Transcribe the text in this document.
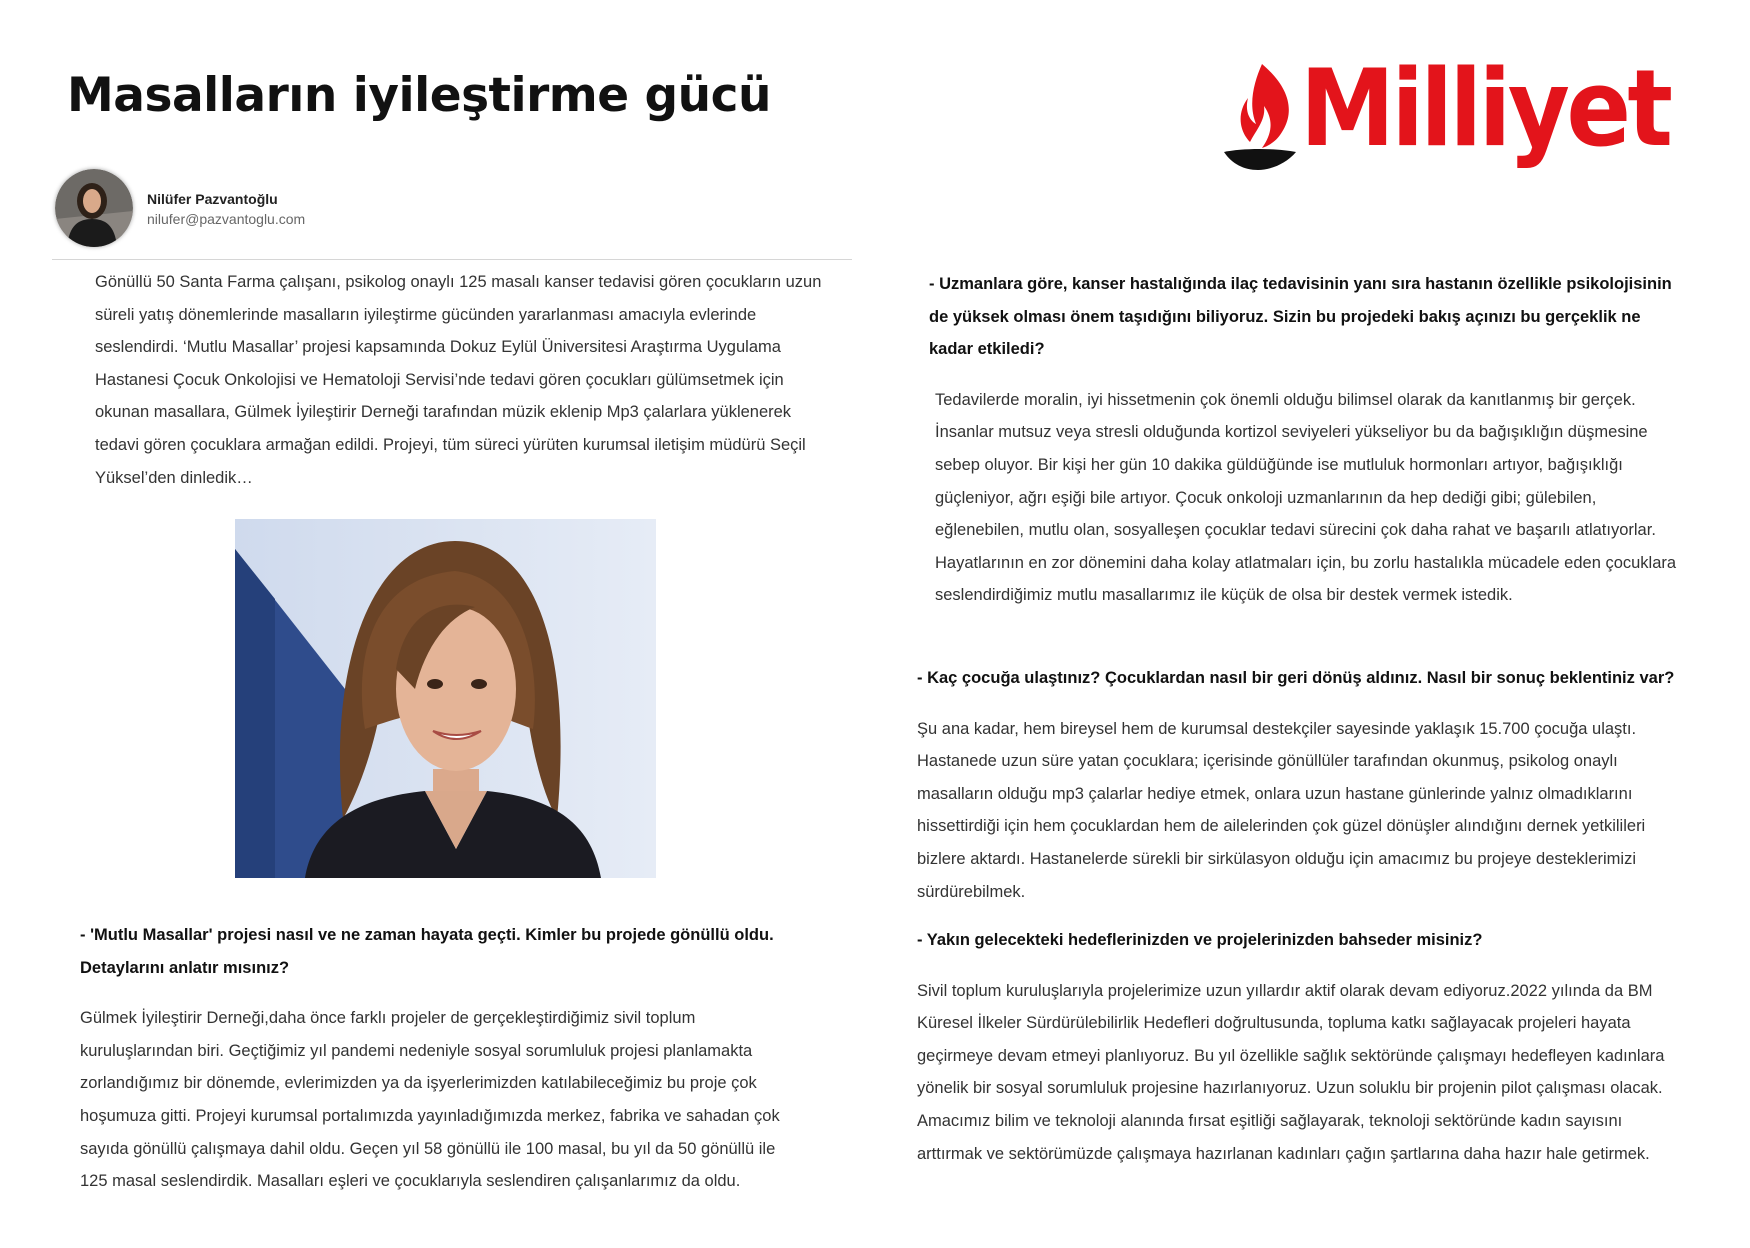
Masalların iyileştirme gücü	Milliyet
Nilüfer Pazvantoğlu
nilufer@pazvantoglu.com

Gönüllü 50 Santa Farma çalışanı, psikolog onaylı 125 masalı kanser tedavisi gören çocukların uzun süreli yatış dönemlerinde masalların iyileştirme gücünden yararlanması amacıyla evlerinde seslendirdi. ‘Mutlu Masallar’ projesi kapsamında Dokuz Eylül Üniversitesi Araştırma Uygulama Hastanesi Çocuk Onkolojisi ve Hematoloji Servisi’nde tedavi gören çocukları gülümsetmek için okunan masallara, Gülmek İyileştirir Derneği tarafından müzik eklenip Mp3 çalarlara yüklenerek tedavi gören çocuklara armağan edildi. Projeyi, tüm süreci yürüten kurumsal iletişim müdürü Seçil Yüksel’den dinledik…

- 'Mutlu Masallar' projesi nasıl ve ne zaman hayata geçti. Kimler bu projede gönüllü oldu. Detaylarını anlatır mısınız?

Gülmek İyileştirir Derneği,daha önce farklı projeler de gerçekleştirdiğimiz sivil toplum kuruluşlarından biri. Geçtiğimiz yıl pandemi nedeniyle sosyal sorumluluk projesi planlamakta zorlandığımız bir dönemde, evlerimizden ya da işyerlerimizden katılabileceğimiz bu proje çok hoşumuza gitti. Projeyi kurumsal portalımızda yayınladığımızda merkez, fabrika ve sahadan çok sayıda gönüllü çalışmaya dahil oldu. Geçen yıl 58 gönüllü ile 100 masal, bu yıl da 50 gönüllü ile 125 masal seslendirdik. Masalları eşleri ve çocuklarıyla seslendiren çalışanlarımız da oldu.

- Uzmanlara göre, kanser hastalığında ilaç tedavisinin yanı sıra hastanın özellikle psikolojisinin de yüksek olması önem taşıdığını biliyoruz. Sizin bu projedeki bakış açınızı bu gerçeklik ne kadar etkiledi?

Tedavilerde moralin, iyi hissetmenin çok önemli olduğu bilimsel olarak da kanıtlanmış bir gerçek. İnsanlar mutsuz veya stresli olduğunda kortizol seviyeleri yükseliyor bu da bağışıklığın düşmesine sebep oluyor. Bir kişi her gün 10 dakika güldüğünde ise mutluluk hormonları artıyor, bağışıklığı güçleniyor, ağrı eşiği bile artıyor. Çocuk onkoloji uzmanlarının da hep dediği gibi; gülebilen, eğlenebilen, mutlu olan, sosyalleşen çocuklar tedavi sürecini çok daha rahat ve başarılı atlatıyorlar. Hayatlarının en zor dönemini daha kolay atlatmaları için, bu zorlu hastalıkla mücadele eden çocuklara seslendirdiğimiz mutlu masallarımız ile küçük de olsa bir destek vermek istedik.

- Kaç çocuğa ulaştınız? Çocuklardan nasıl bir geri dönüş aldınız. Nasıl bir sonuç beklentiniz var?

Şu ana kadar, hem bireysel hem de kurumsal destekçiler sayesinde yaklaşık 15.700 çocuğa ulaştı. Hastanede uzun süre yatan çocuklara; içerisinde gönüllüler tarafından okunmuş, psikolog onaylı masalların olduğu mp3 çalarlar hediye etmek, onlara uzun hastane günlerinde yalnız olmadıklarını hissettirdiği için hem çocuklardan hem de ailelerinden çok güzel dönüşler alındığını dernek yetkilileri bizlere aktardı. Hastanelerde sürekli bir sirkülasyon olduğu için amacımız bu projeye desteklerimizi sürdürebilmek.

- Yakın gelecekteki hedeflerinizden ve projelerinizden bahseder misiniz?

Sivil toplum kuruluşlarıyla projelerimize uzun yıllardır aktif olarak devam ediyoruz.2022 yılında da BM Küresel İlkeler Sürdürülebilirlik Hedefleri doğrultusunda, topluma katkı sağlayacak projeleri hayata geçirmeye devam etmeyi planlıyoruz. Bu yıl özellikle sağlık sektöründe çalışmayı hedefleyen kadınlara yönelik bir sosyal sorumluluk projesine hazırlanıyoruz. Uzun soluklu bir projenin pilot çalışması olacak. Amacımız bilim ve teknoloji alanında fırsat eşitliği sağlayarak, teknoloji sektöründe kadın sayısını arttırmak ve sektörümüzde çalışmaya hazırlanan kadınları çağın şartlarına daha hazır hale getirmek.
